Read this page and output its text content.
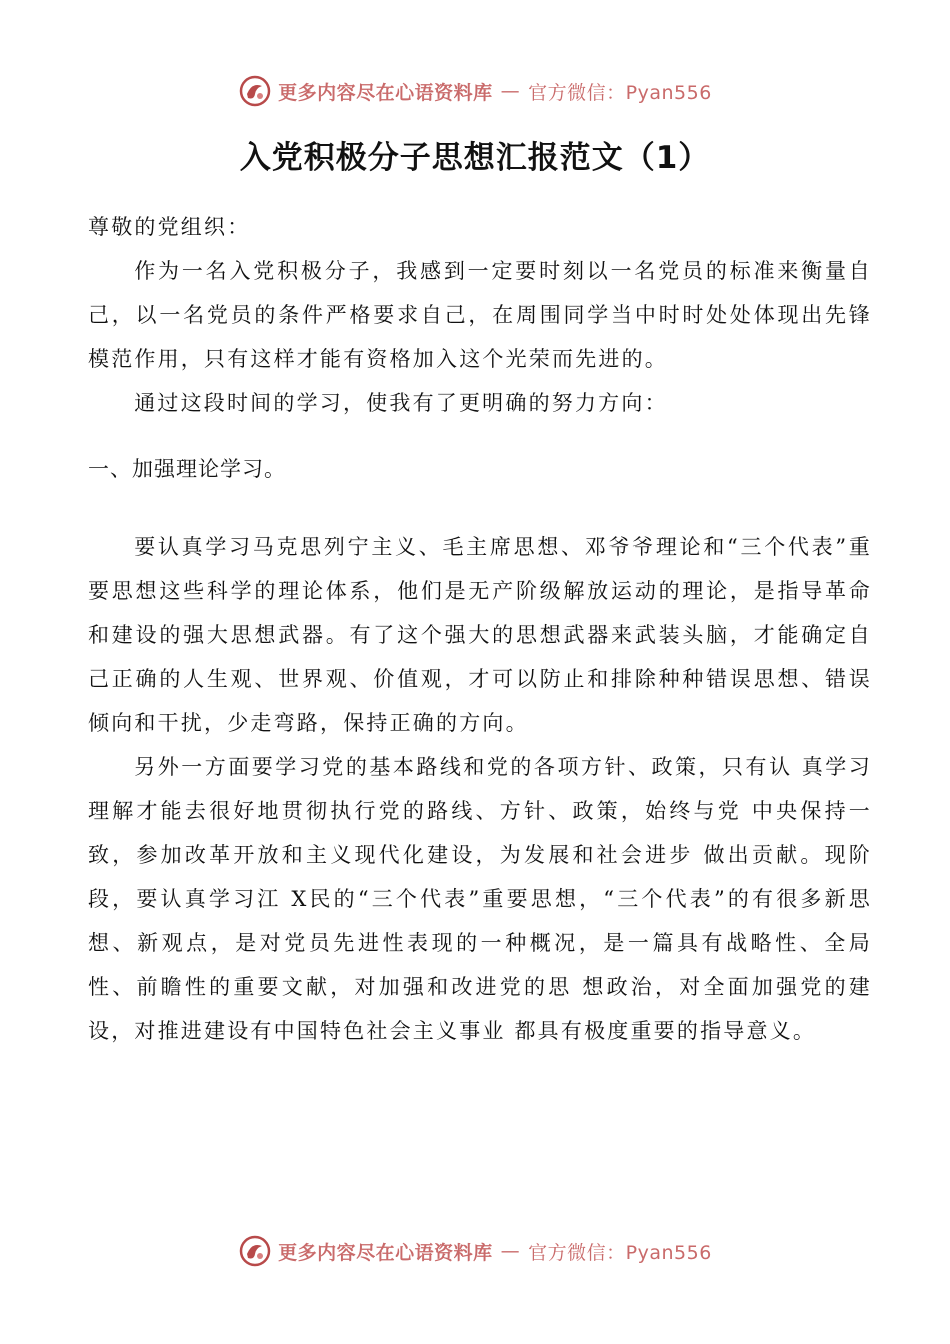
更多内容尽在心语资料库 — 官方微信：Pyan556
入党积极分子思想汇报范文（1）

尊敬的党组织：

作为一名入党积极分子，我感到一定要时刻以一名党员的标准来衡量自己，以一名党员的条件严格要求自己，在周围同学当中时时处处体现出先锋模范作用，只有这样才能有资格加入这个光荣而先进的。

通过这段时间的学习，使我有了更明确的努力方向：

一、加强理论学习。

要认真学习马克思列宁主义、毛主席思想、邓爷爷理论和“三个代表”重要思想这些科学的理论体系，他们是无产阶级解放运动的理论，是指导革命和建设的强大思想武器。有了这个强大的思想武器来武装头脑，才能确定自己正确的人生观、世界观、价值观，才可以防止和排除种种错误思想、错误倾向和干扰，少走弯路，保持正确的方向。

另外一方面要学习党的基本路线和党的各项方针、政策，只有认 真学习理解才能去很好地贯彻执行党的路线、方针、政策，始终与党 中央保持一致，参加改革开放和主义现代化建设，为发展和社会进步 做出贡献。现阶段，要认真学习江 X民的“三个代表”重要思想，“三个代表”的有很多新思想、新观点，是对党员先进性表现的一种概况，是一篇具有战略性、全局性、前瞻性的重要文献，对加强和改进党的思 想政治，对全面加强党的建设，对推进建设有中国特色社会主义事业 都具有极度重要的指导意义。

更多内容尽在心语资料库 — 官方微信：Pyan556
